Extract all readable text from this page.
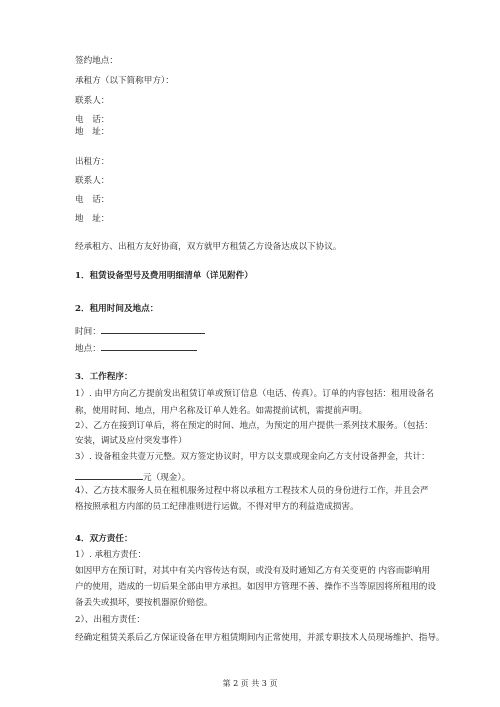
签约地点：
承租方（以下简称甲方）：
联系人：
电　话：
地　址：
出租方：
联系人：
电　话：
地　址：
经承租方、出租方友好协商，双方就甲方租赁乙方设备达成以下协议。
1．租赁设备型号及费用明细清单（详见附件）
2．租用时间及地点：
时间：
地点：
3．工作程序：
1）. 由甲方向乙方提前发出租赁订单或预订信息（电话、传真）。订单的内容包括：租用设备名
称，使用时间、地点，用户名称及订单人姓名。如需提前试机，需提前声明。
2）、乙方在接到订单后，将在预定的时间、地点，为预定的用户提供一系列技术服务。（包括：
安装，调试及应付突发事件）
3）. 设备租金共壹万元整。双方签定协议时，甲方以支票或现金向乙方支付设备押金，共计：
元（现金）。
4）、乙方技术服务人员在租机服务过程中将以承租方工程技术人员的身份进行工作，并且会严
格按照承租方内部的员工纪律准则进行运做。不得对甲方的利益造成损害。
4．双方责任：
1）. 承租方责任：
如因甲方在预订时，对其中有关内容传达有误，或没有及时通知乙方有关变更的 内容而影响用
户的使用，造成的一切后果全部由甲方承担。如因甲方管理不善、操作不当等原因将所租用的设
备丢失或损坏，要按机器原价赔偿。
2）、出租方责任：
经确定租赁关系后乙方保证设备在甲方租赁期间内正常使用，并派专职技术人员现场维护、指导。
第 2 页 共 3 页
